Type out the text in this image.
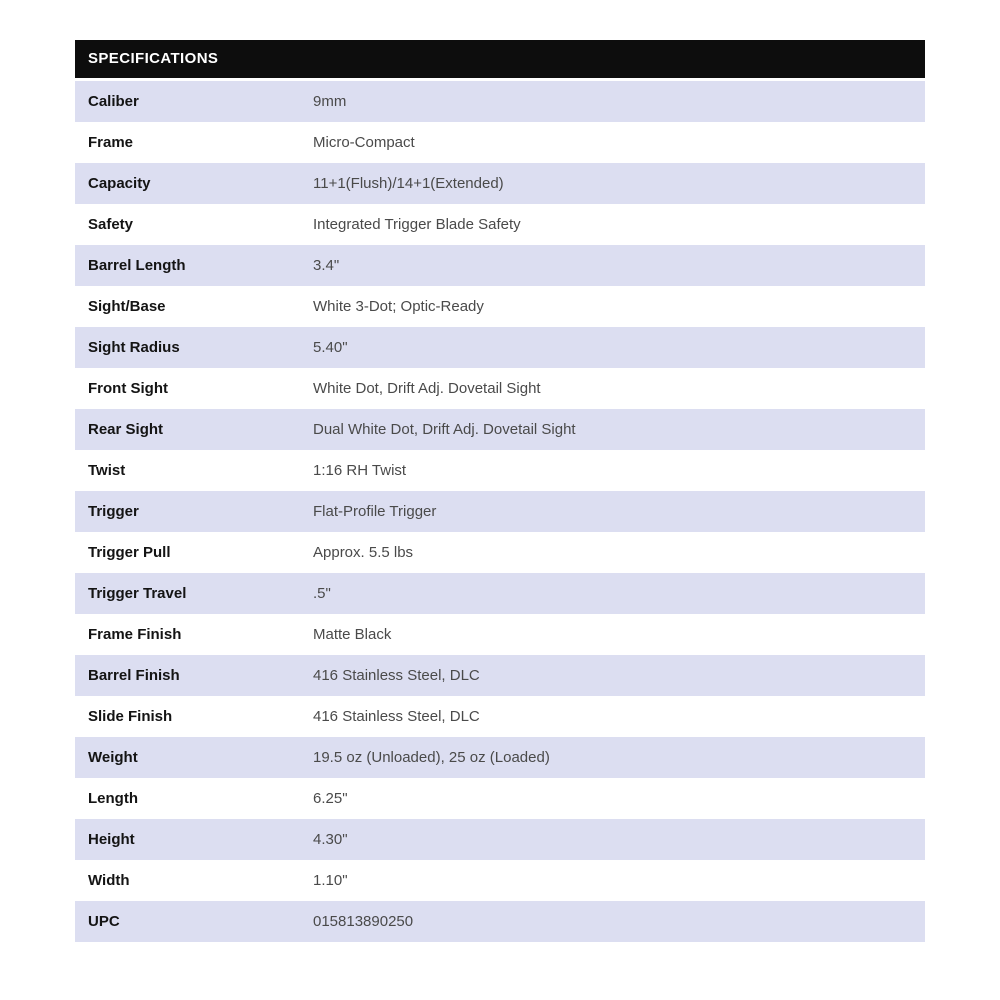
SPECIFICATIONS
Caliber	9mm
Frame	Micro-Compact
Capacity	11+1(Flush)/14+1(Extended)
Safety	Integrated Trigger Blade Safety
Barrel Length	3.4"
Sight/Base	White 3-Dot; Optic-Ready
Sight Radius	5.40"
Front Sight	White Dot, Drift Adj. Dovetail Sight
Rear Sight	Dual White Dot, Drift Adj. Dovetail Sight
Twist	1:16 RH Twist
Trigger	Flat-Profile Trigger
Trigger Pull	Approx. 5.5 lbs
Trigger Travel	.5"
Frame Finish	Matte Black
Barrel Finish	416 Stainless Steel, DLC
Slide Finish	416 Stainless Steel, DLC
Weight	19.5 oz (Unloaded), 25 oz (Loaded)
Length	6.25"
Height	4.30"
Width	1.10"
UPC	015813890250
